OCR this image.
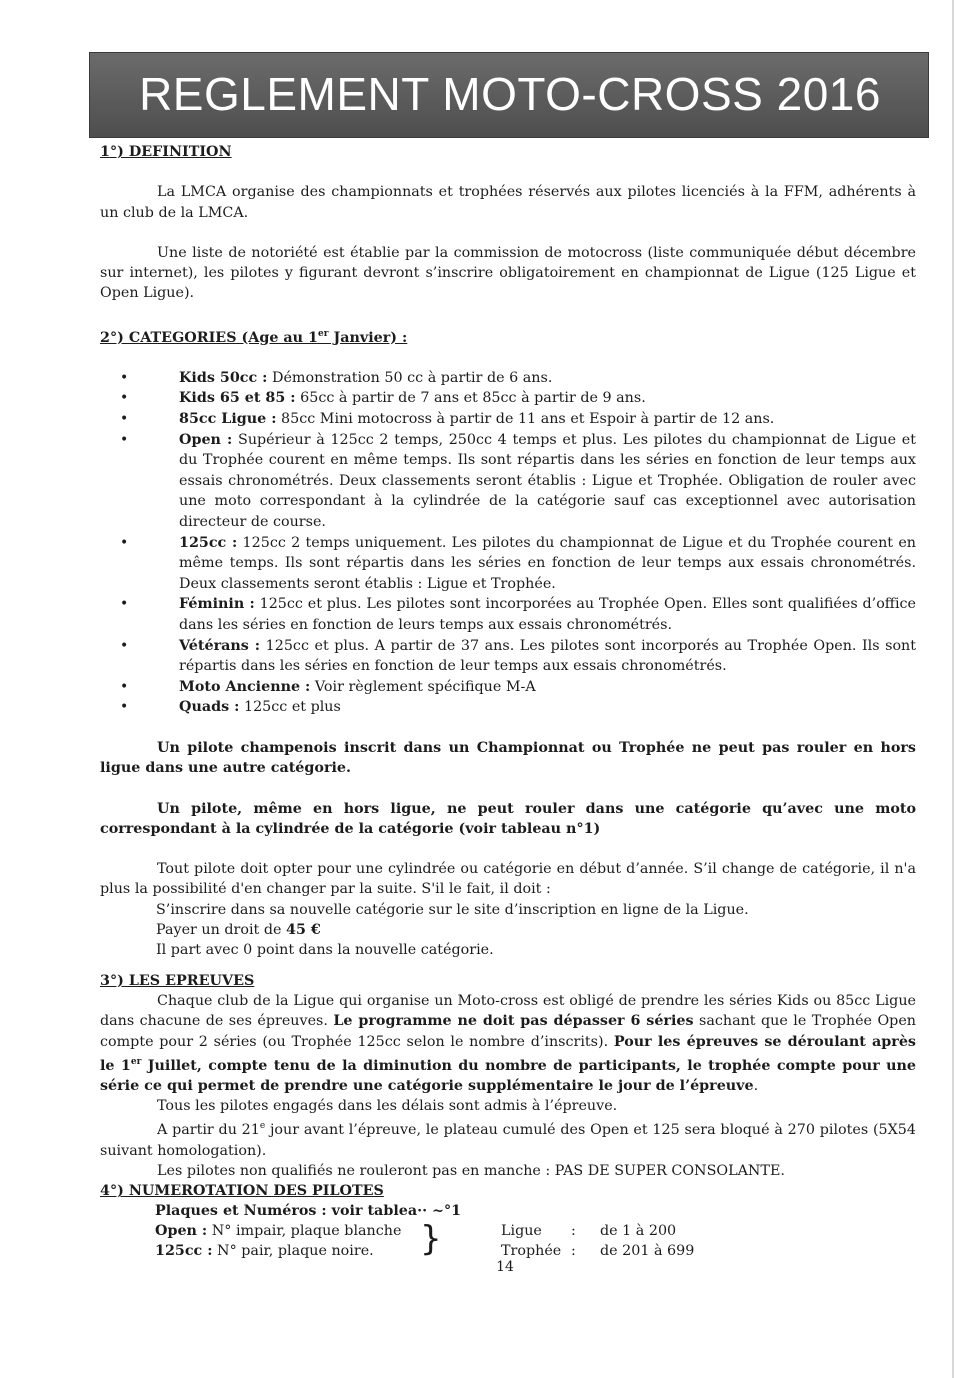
REGLEMENT MOTO-CROSS 2016

1°) DEFINITION

La LMCA organise des championnats et trophées réservés aux pilotes licenciés à la FFM, adhérents à un club de la LMCA.

Une liste de notoriété est établie par la commission de motocross (liste communiquée début décembre sur internet), les pilotes y figurant devront s’inscrire obligatoirement en championnat de Ligue (125 Ligue et Open Ligue).

2°) CATEGORIES (Age au 1er Janvier) :

•	Kids 50cc : Démonstration 50 cc à partir de 6 ans.
•	Kids 65 et 85 : 65cc à partir de 7 ans et 85cc à partir de 9 ans.
•	85cc Ligue : 85cc Mini motocross à partir de 11 ans et Espoir à partir de 12 ans.
•	Open : Supérieur à 125cc 2 temps, 250cc 4 temps et plus. Les pilotes du championnat de Ligue et du Trophée courent en même temps. Ils sont répartis dans les séries en fonction de leur temps aux essais chronométrés. Deux classements seront établis : Ligue et Trophée. Obligation de rouler avec une moto correspondant à la cylindrée de la catégorie sauf cas exceptionnel avec autorisation directeur de course.
•	125cc : 125cc 2 temps uniquement. Les pilotes du championnat de Ligue et du Trophée courent en même temps. Ils sont répartis dans les séries en fonction de leur temps aux essais chronométrés. Deux classements seront établis : Ligue et Trophée.
•	Féminin : 125cc et plus. Les pilotes sont incorporées au Trophée Open. Elles sont qualifiées d’office dans les séries en fonction de leurs temps aux essais chronométrés.
•	Vétérans : 125cc et plus. A partir de 37 ans. Les pilotes sont incorporés au Trophée Open. Ils sont répartis dans les séries en fonction de leur temps aux essais chronométrés.
•	Moto Ancienne : Voir règlement spécifique M-A
•	Quads : 125cc et plus

Un pilote champenois inscrit dans un Championnat ou Trophée ne peut pas rouler en hors ligue dans une autre catégorie.

Un pilote, même en hors ligue, ne peut rouler dans une catégorie qu’avec une moto correspondant à la cylindrée de la catégorie (voir tableau n°1)

Tout pilote doit opter pour une cylindrée ou catégorie en début d’année. S’il change de catégorie, il n'a plus la possibilité d'en changer par la suite. S'il le fait, il doit :

S’inscrire dans sa nouvelle catégorie sur le site d’inscription en ligne de la Ligue.

Payer un droit de 45 €

Il part avec 0 point dans la nouvelle catégorie.

3°) LES EPREUVES

Chaque club de la Ligue qui organise un Moto-cross est obligé de prendre les séries Kids ou 85cc Ligue dans chacune de ses épreuves. Le programme ne doit pas dépasser 6 séries sachant que le Trophée Open compte pour 2 séries (ou Trophée 125cc selon le nombre d’inscrits). Pour les épreuves se déroulant après le 1er Juillet, compte tenu de la diminution du nombre de participants, le trophée compte pour une série ce qui permet de prendre une catégorie supplémentaire le jour de l’épreuve.

Tous les pilotes engagés dans les délais sont admis à l’épreuve.

A partir du 21e jour avant l’épreuve, le plateau cumulé des Open et 125 sera bloqué à 270 pilotes (5X54 suivant homologation).

Les pilotes non qualifiés ne rouleront pas en manche : PAS DE SUPER CONSOLANTE.

4°) NUMEROTATION DES PILOTES

Plaques et Numéros : voir tablea·· ~°1
Open : N° impair, plaque blanche	Ligue : de 1 à 200
125cc : N° pair, plaque noire.	Trophée : de 201 à 699
}
14
